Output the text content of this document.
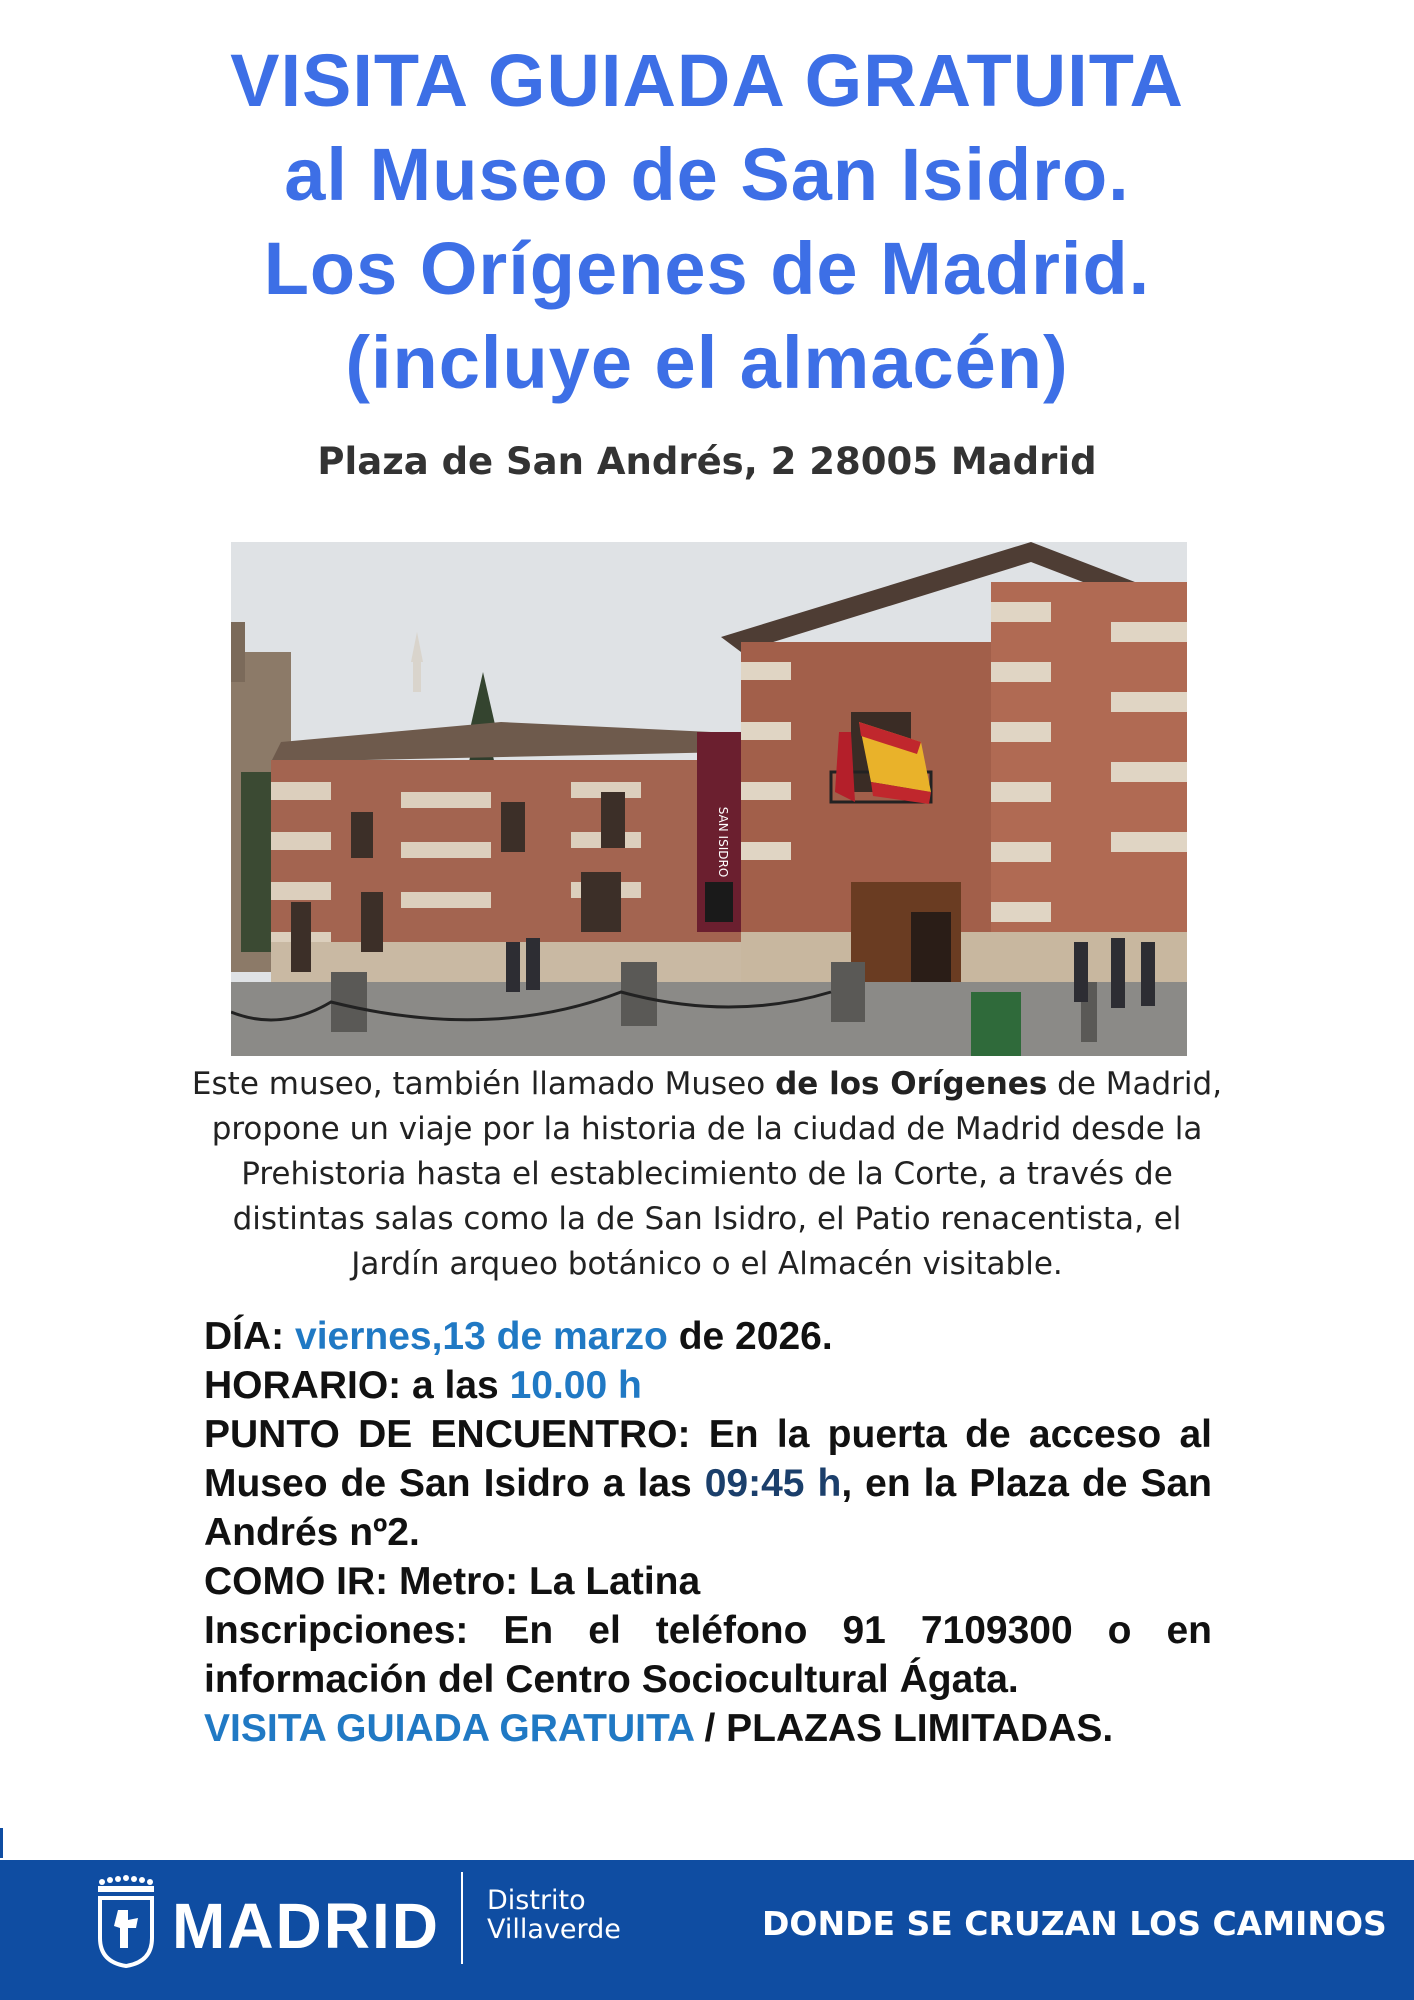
VISITA GUIADA GRATUITA
al Museo de San Isidro.
Los Orígenes de Madrid.
(incluye el almacén)
Plaza de San Andrés, 2 28005 Madrid
SAN ISIDRO
Este museo, también llamado Museo de los Orígenes de Madrid, propone un viaje por la historia de la ciudad de Madrid desde la Prehistoria hasta el establecimiento de la Corte, a través de distintas salas como la de San Isidro, el Patio renacentista, el Jardín arqueo botánico o el Almacén visitable.

DÍA: viernes,13 de marzo de 2026.

HORARIO: a las 10.00 h

PUNTO DE ENCUENTRO: En la puerta de acceso al Museo de San Isidro a las 09:45 h, en la Plaza de San Andrés nº2.

COMO IR: Metro: La Latina

Inscripciones: En el teléfono 91 7109300 o en información del Centro Sociocultural Ágata.

VISITA GUIADA GRATUITA / PLAZAS LIMITADAS.

MADRID Distrito
Villaverde	DONDE SE CRUZAN LOS CAMINOS
